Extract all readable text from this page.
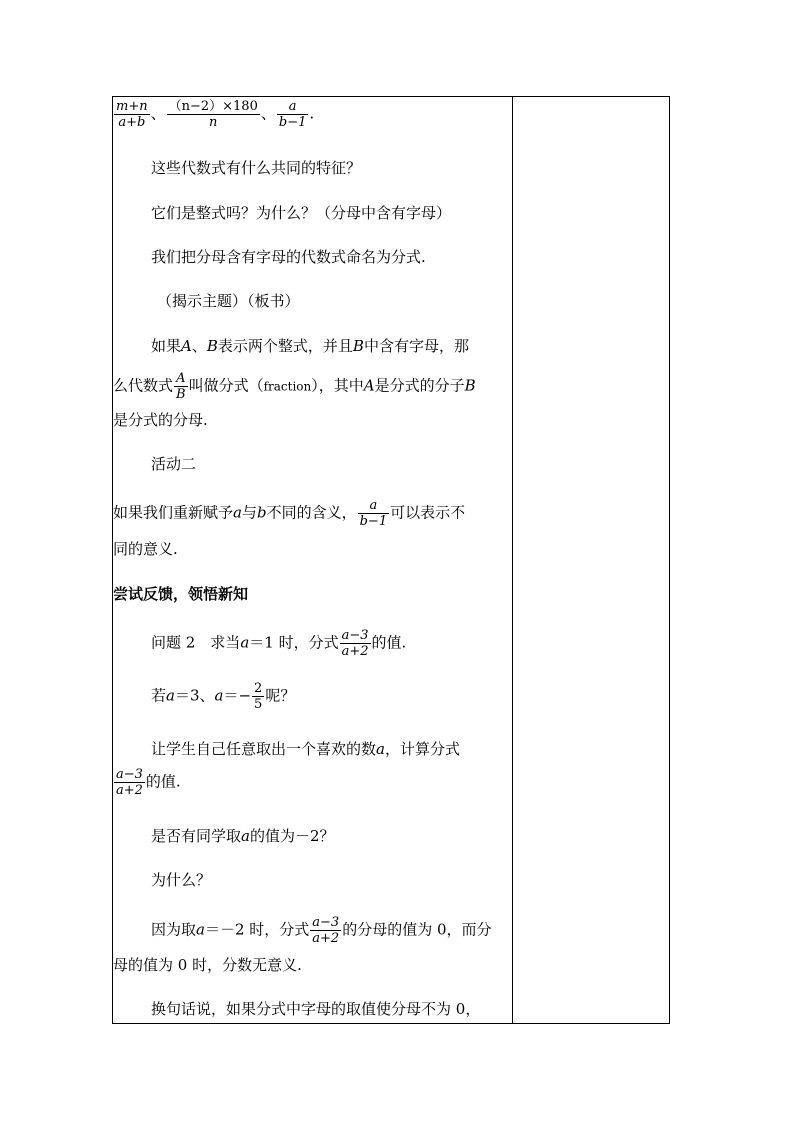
$\frac{m+n}{a+b}$ 、 $\frac{(n-2)\times 180}{n}$ 、 $\frac{a}{b-1}$ .
这些代数式有什么共同的特征？
它们是整式吗？为什么？（分母中含有字母）
我们把分母含有字母的代数式命名为分式.
（揭示主题）（板书）
如果A、B表示两个整式，并且B中含有字母，那
么代数式 $\frac{A}{B}$ 叫做分式（fraction），其中A是分式的分子B
是分式的分母.
活动二
如果我们重新赋予a与b不同的含义， $\frac{a}{b-1}$ 可以表示不
同的意义.
尝试反馈，领悟新知
问题 2　求当a＝1 时，分式 $\frac{a-3}{a+2}$ 的值.
若a＝3、$a=- \frac{2}{5}$ 呢？
让学生自己任意取出一个喜欢的数a，计算分式
$\frac{a-3}{a+2}$ 的值.
是否有同学取a的值为－2？
为什么？
因为取a＝－2 时，分式 $\frac{a-3}{a+2}$ 的分母的值为 0，而分
母的值为 0 时，分数无意义.
换句话说，如果分式中字母的取值使分母不为 0，
